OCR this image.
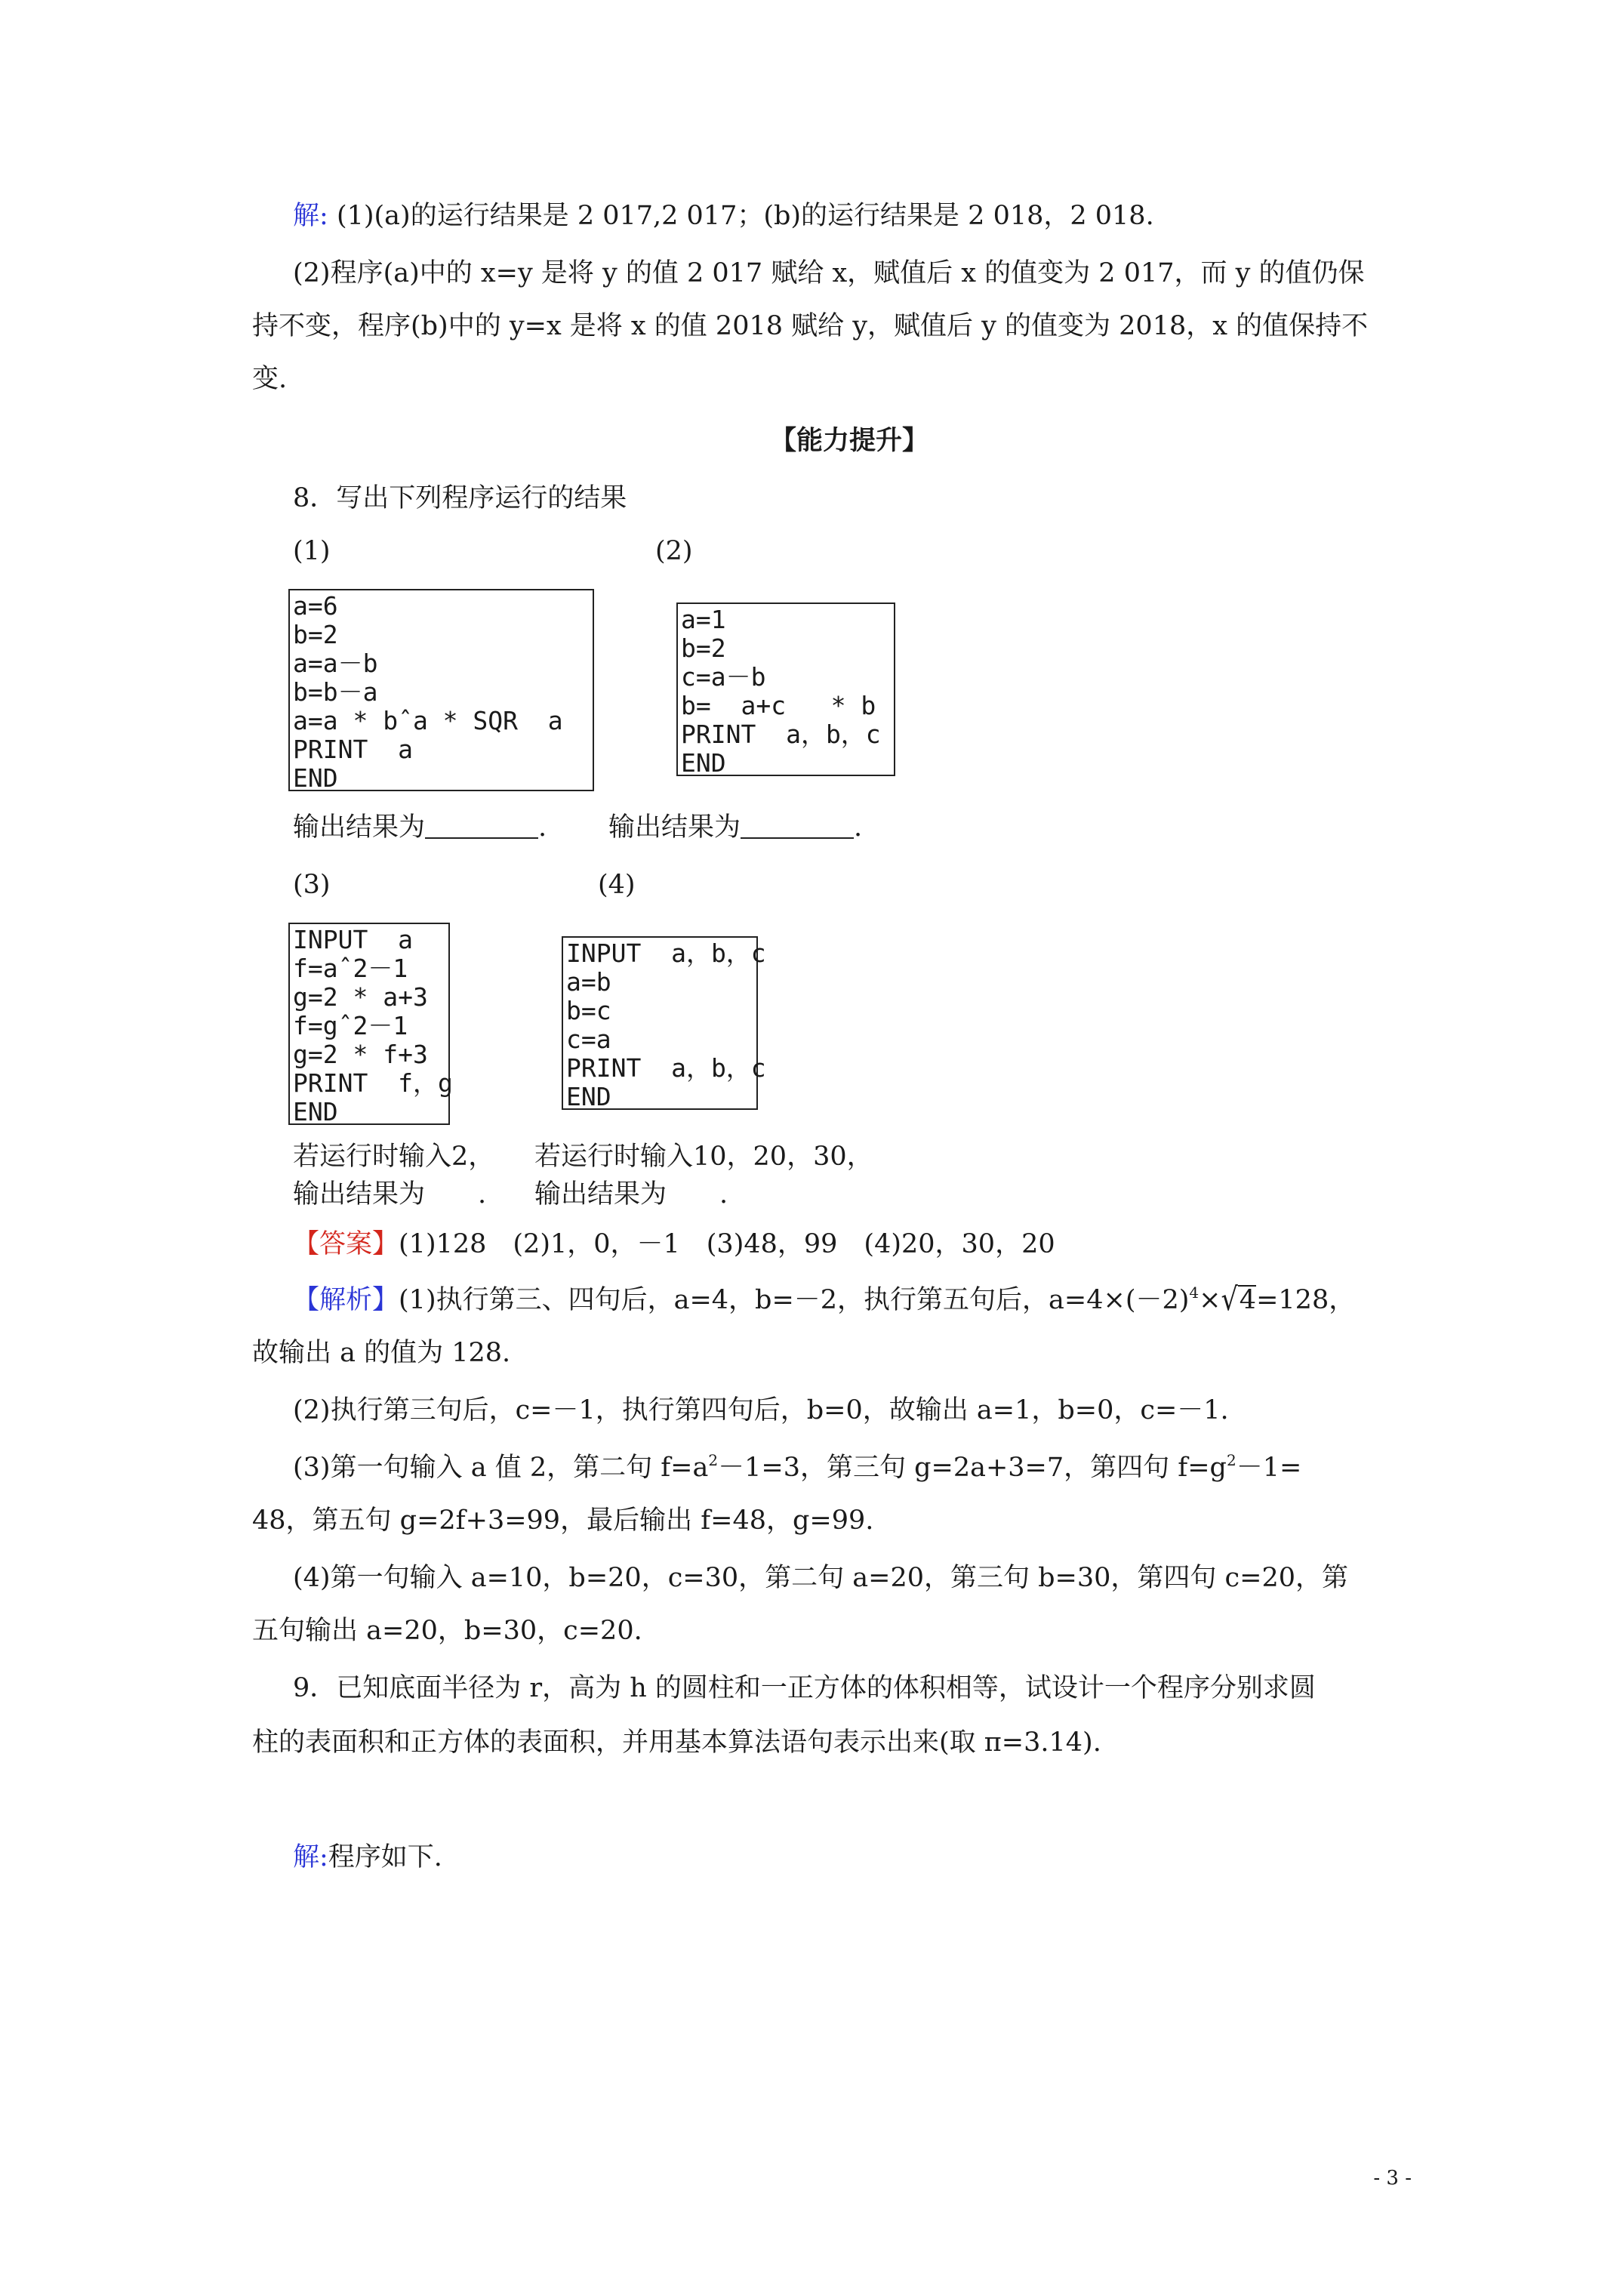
解: (1)(a)的运行结果是 2 017,2 017；(b)的运行结果是 2 018，2 018.
(2)程序(a)中的 x=y 是将 y 的值 2 017 赋给 x，赋值后 x 的值变为 2 017，而 y 的值仍保
持不变，程序(b)中的 y=x 是将 x 的值 2018 赋给 y，赋值后 y 的值变为 2018，x 的值保持不
变.
【能力提升】
8．写出下列程序运行的结果
(1)	(2)
a=6
b=2
a=a－b
b=b－a
a=a * bˆa * SQR  a
PRINT  a
END
a=1
b=2
c=a－b
b=  a+c   * b
PRINT  a，b，c
END
输出结果为	. 输出结果为	.
(3)	(4)
INPUT  a
f=aˆ2－1
g=2 * a+3
f=gˆ2－1
g=2 * f+3
PRINT  f，g
END
INPUT  a，b，c
a=b
b=c
c=a
PRINT  a，b，c
END
若运行时输入2， 若运行时输入10，20，30，
输出结果为　　. 输出结果为　　.
【答案】(1)128　(2)1，0，－1　(3)48，99　(4)20，30，20
【解析】(1)执行第三、四句后，a=4，b=－2，执行第五句后，$a=4\times(-2)^4\times√4=128$，
故输出 a 的值为 128.
(2)执行第三句后，c=－1，执行第四句后，b=0，故输出 a=1，b=0，c=－1.
(3)第一句输入 a 值 2，第二句 $f=a^2-1=3$，第三句 g=2a+3=7，第四句 $f=g^2-1=$
48，第五句 g=2f+3=99，最后输出 f=48，g=99.
(4)第一句输入 a=10，b=20，c=30，第二句 a=20，第三句 b=30，第四句 c=20，第
五句输出 a=20，b=30，c=20.
9．已知底面半径为 r，高为 h 的圆柱和一正方体的体积相等，试设计一个程序分别求圆
柱的表面积和正方体的表面积，并用基本算法语句表示出来(取 π=3.14).
解:程序如下.
- 3 -
